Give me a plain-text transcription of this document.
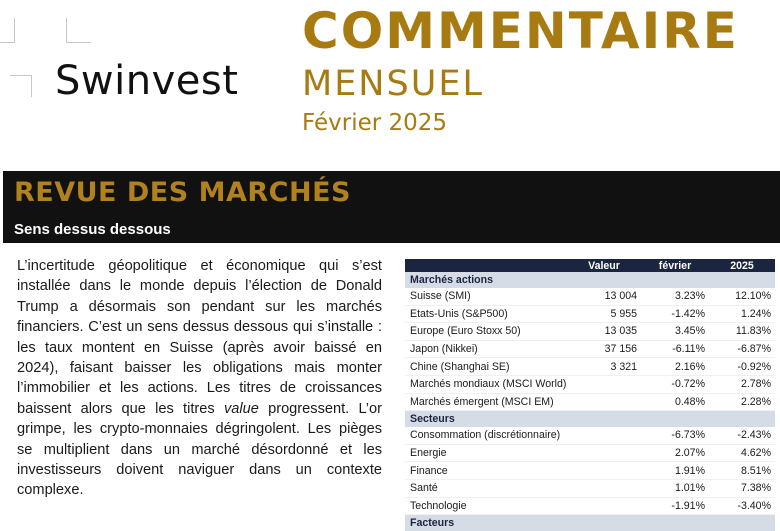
Swinvest
COMMENTAIRE
MENSUEL
Février 2025
REVUE DES MARCHÉS
Sens dessus dessous
L’incertitude géopolitique et économique qui s’est installée dans le monde depuis l’élection de Donald Trump a désormais son pendant sur les marchés financiers. C’est un sens dessus dessous qui s’installe : les taux montent en Suisse (après avoir baissé en 2024), faisant baisser les obligations mais monter l’immobilier et les actions. Les titres de croissances baissent alors que les titres value progressent. L’or grimpe, les crypto-monnaies dégringolent. Les pièges se multiplient dans un marché désordonné et les investisseurs doivent naviguer dans un contexte complexe.
	Valeur	février	2025
Marchés actions			
Suisse (SMI)	13 004	3.23%	12.10%
Etats-Unis (S&P500)	5 955	-1.42%	1.24%
Europe (Euro Stoxx 50)	13 035	3.45%	11.83%
Japon (Nikkei)	37 156	-6.11%	-6.87%
Chine (Shanghai SE)	3 321	2.16%	-0.92%
Marchés mondiaux (MSCI World)		-0.72%	2.78%
Marchés émergent (MSCI EM)		0.48%	2.28%
Secteurs			
Consommation (discrétionnaire)		-6.73%	-2.43%
Energie		2.07%	4.62%
Finance		1.91%	8.51%
Santé		1.01%	7.38%
Technologie		-1.91%	-3.40%
Facteurs			
